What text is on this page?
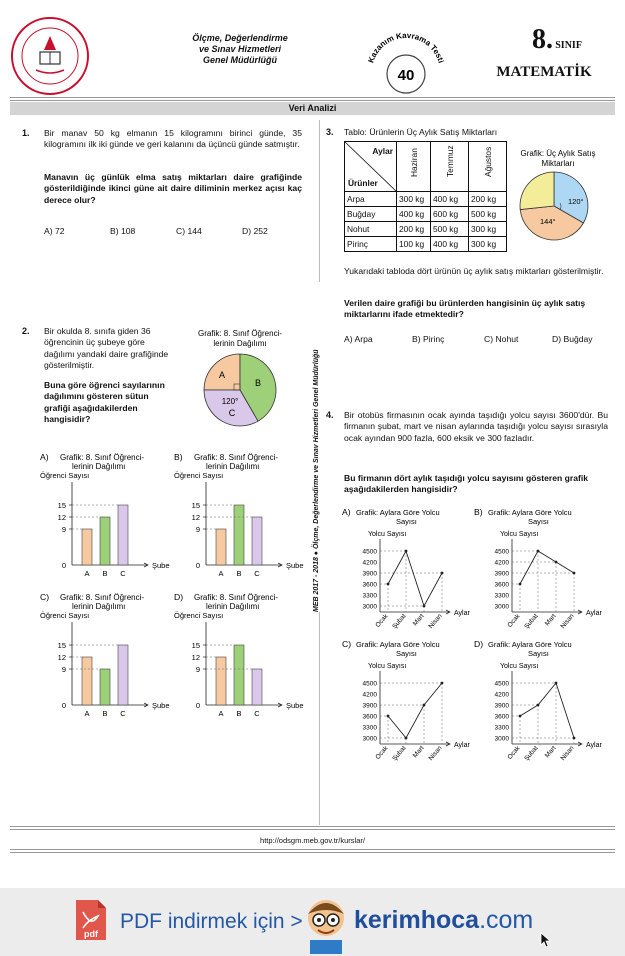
Ölçme, Değerlendirme
ve Sınav Hizmetleri
Genel Müdürlüğü	Kazanım Kavrama Testi
40
8. SINIF
MATEMATİK
Veri Analizi
MEB 2017 - 2018 ● Ölçme, Değerlendirme ve Sınav Hizmetleri Genel Müdürlüğü
1. Bir manav 50 kg elmanın 15 kilogramını birinci günde, 35 kilogramını ilk iki günde ve geri kalanını da üçüncü günde satmıştır.
Manavın üç günlük elma satış miktarları daire grafiğinde gösterildiğinde ikinci güne ait daire diliminin merkez açısı kaç derece olur?
A) 72	B) 108	C) 144	D) 252
2. Bir okulda 8. sınıfa giden 36 öğrencinin üç şubeye göre dağılımı yandaki daire grafiğinde gösterilmiştir.
Buna göre öğrenci sayılarının dağılımını gösteren sütun grafiği aşağıdakilerden hangisidir?
Grafik: 8. Sınıf Öğrenci-
lerinin Dağılımı
A
B
C
120°
A) Grafik: 8. Sınıf Öğrenci-
lerinin Dağılımı
Öğrenci Sayısı
0
9
12
15
A B C
Şube
B) Grafik: 8. Sınıf Öğrenci-
lerinin Dağılımı
Öğrenci Sayısı
0
9
12
15
A B C
Şube
C) Grafik: 8. Sınıf Öğrenci-
lerinin Dağılımı
Öğrenci Sayısı
0
9
12
15
A B C
Şube
D) Grafik: 8. Sınıf Öğrenci-
lerinin Dağılımı
Öğrenci Sayısı
0
9
12
15
A B C
Şube
3. Tablo: Ürünlerin Üç Aylık Satış Miktarları
Aylar
Ürünler	Haziran	Temmuz	Ağustos

Arpa	300 kg	400 kg	200 kg
Buğday	400 kg	600 kg	500 kg
Nohut	200 kg	500 kg	300 kg
Pirinç	100 kg	400 kg	300 kg
Grafik: Üç Aylık Satış
Miktarları
120°
144°
Yukarıdaki tabloda dört ürünün üç aylık satış miktarları gösterilmiştir.
Verilen daire grafiği bu ürünlerden hangisinin üç aylık satış miktarlarını ifade etmektedir?
A) Arpa	B) Pirinç	C) Nohut	D) Buğday
4. Bir otobüs firmasının ocak ayında taşıdığı yolcu sayısı 3600'dür. Bu firmanın şubat, mart ve nisan aylarında taşıdığı yolcu sayısı sırasıyla ocak ayından 900 fazla, 600 eksik ve 300 fazladır.
Bu firmanın dört aylık taşıdığı yolcu sayısını gösteren grafik aşağıdakilerden hangisidir?
A) Grafik: Aylara Göre Yolcu
Sayısı
Yolcu Sayısı
3000
3300
3600
3900
4200
4500
Ocak Şubat Mart Nisan Aylar
B) Grafik: Aylara Göre Yolcu
Sayısı
Yolcu Sayısı
3000
3300
3600
3900
4200
4500
Ocak Şubat Mart Nisan Aylar
C) Grafik: Aylara Göre Yolcu
Sayısı
Yolcu Sayısı
3000
3300
3600
3900
4200
4500
Ocak Şubat Mart Nisan Aylar
D) Grafik: Aylara Göre Yolcu
Sayısı
Yolcu Sayısı
3000
3300
3600
3900
4200
4500
Ocak Şubat Mart Nisan Aylar
http://odsgm.meb.gov.tr/kurslar/
pdf
PDF indirmek için > kerimhoca.com
